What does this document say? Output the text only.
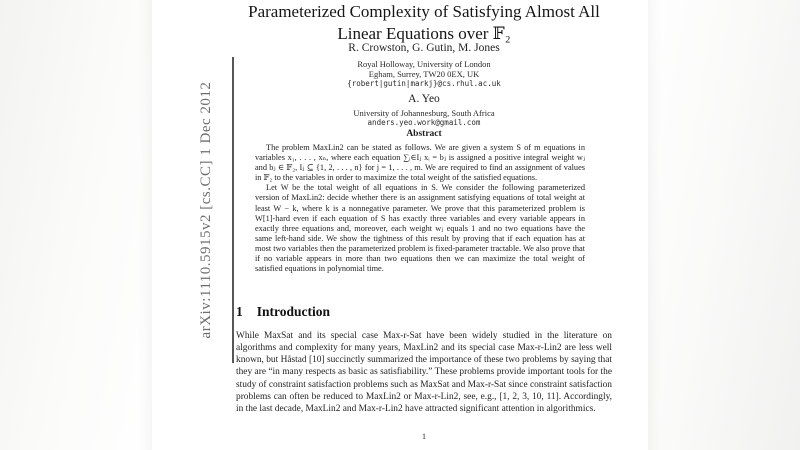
arXiv:1110.5915v2 [cs.CC] 1 Dec 2012
Parameterized Complexity of Satisfying Almost All
Linear Equations over 𝔽₂
R. Crowston, G. Gutin, M. Jones
Royal Holloway, University of London
Egham, Surrey, TW20 0EX, UK
{robert|gutin|markj}@cs.rhul.ac.uk
A. Yeo
University of Johannesburg, South Africa
anders.yeo.work@gmail.com
Abstract

The problem MaxLin2 can be stated as follows. We are given a system S of m equations in variables x₁, . . . , xₙ, where each equation ∑ᵢ∈Iⱼ xᵢ = bⱼ is assigned a positive integral weight wⱼ and bⱼ ∈ 𝔽₂, Iⱼ ⊆ {1, 2, . . . , n} for j = 1, . . . , m. We are required to find an assignment of values in 𝔽₂ to the variables in order to maximize the total weight of the satisfied equations.

Let W be the total weight of all equations in S. We consider the following parameterized version of MaxLin2: decide whether there is an assignment satisfying equations of total weight at least W − k, where k is a nonnegative parameter. We prove that this parameterized problem is W[1]-hard even if each equation of S has exactly three variables and every variable appears in exactly three equations and, moreover, each weight wⱼ equals 1 and no two equations have the same left-hand side. We show the tightness of this result by proving that if each equation has at most two variables then the parameterized problem is fixed-parameter tractable. We also prove that if no variable appears in more than two equations then we can maximize the total weight of satisfied equations in polynomial time.

1 Introduction

While MaxSat and its special case Max-r-Sat have been widely studied in the literature on algorithms and complexity for many years, MaxLin2 and its special case Max-r-Lin2 are less well known, but Håstad [10] succinctly summarized the importance of these two problems by saying that they are “in many respects as basic as satisfiability.” These problems provide important tools for the study of constraint satisfaction problems such as MaxSat and Max-r-Sat since constraint satisfaction problems can often be reduced to MaxLin2 or Max-r-Lin2, see, e.g., [1, 2, 3, 10, 11]. Accordingly, in the last decade, MaxLin2 and Max-r-Lin2 have attracted significant attention in algorithmics.

1
